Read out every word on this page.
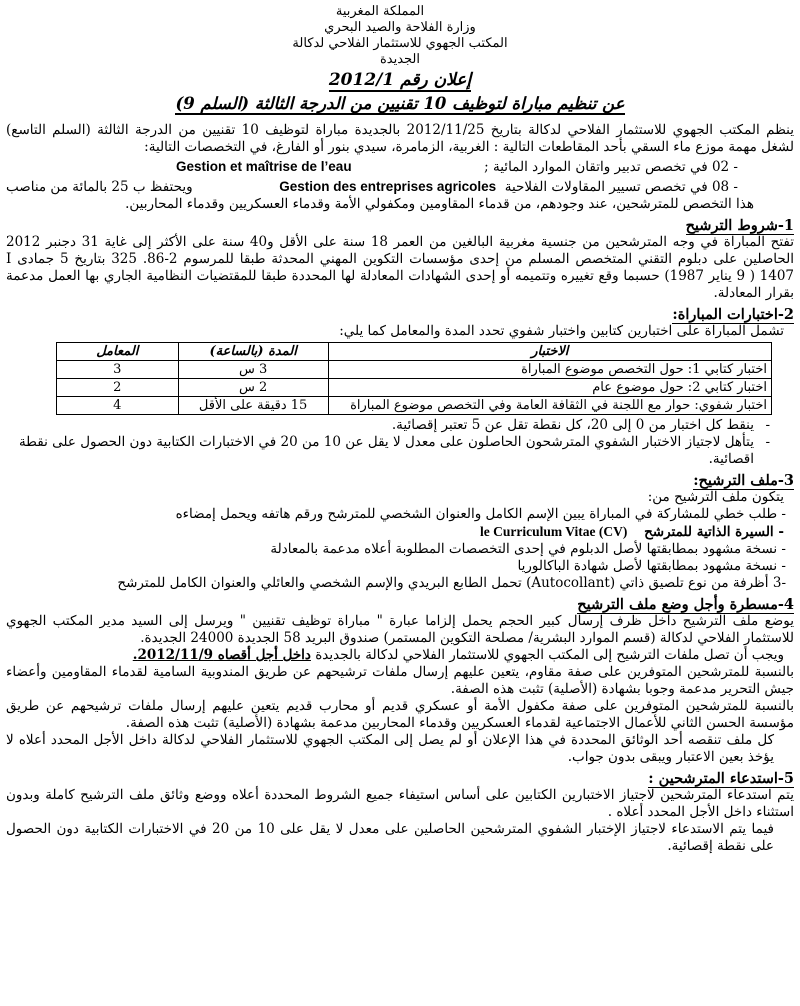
المملكة المغربية
وزارة الفلاحة والصيد البحري
المكتب الجهوي للاستثمار الفلاحي لدكالة
الجديدة
إعلان رقم 2012/1
عن تنظيم مباراة لتوظيف 10 تقنيين من الدرجة الثالثة (السلم 9)

ينظم المكتب الجهوي للاستثمار الفلاحي لدكالة بتاريخ 2012/11/25 بالجديدة مباراة لتوظيف 10 تقنيين من الدرجة الثالثة (السلم التاسع) لشغل مهمة موزع ماء السقي بأحد المقاطعات التالية : الغربية، الزمامرة، سيدي بنور أو الفارغ، في التخصصات التالية:

- 02 في تخصص تدبير واتقان الموارد المائية ;
Gestion et maîtrise de l’eau
- 08 في تخصص تسيير المقاولات الفلاحية  Gestion des entreprises agricoles
ويحتفظ ب 25 بالمائة من مناصب

هذا التخصص للمترشحين، عند وجودهم، من قدماء المقاومين ومكفولي الأمة وقدماء العسكريين وقدماء المحاربين.

1-شروط الترشيح

تفتح المباراة في وجه المترشحين من جنسية مغربية البالغين من العمر 18 سنة على الأقل و40 سنة على الأكثر إلى غاية 31 دجنبر 2012 الحاصلين على دبلوم التقني المتخصص المسلم من إحدى مؤسسات التكوين المهني المحدثة طبقا للمرسوم 2-86. 325 بتاريخ 5 جمادى I 1407 ( 9 يناير 1987) حسبما وقع تغييره وتتميمه أو إحدى الشهادات المعادلة لها المحددة طبقا للمقتضيات النظامية الجاري بها العمل مدعمة بقرار المعادلة.

2-اختبارات المباراة:

تشمل المباراة على اختبارين كتابين واختبار شفوي تحدد المدة والمعامل كما يلي:

الاختبار	المدة (بالساعة)	المعامل
اختبار كتابي 1: حول التخصص موضوع المباراة	3 س	3
اختبار كتابي 2: حول موضوع عام	2 س	2
اختبار شفوي: حوار مع اللجنة في الثقافة العامة وفي التخصص موضوع المباراة	15 دقيقة على الأقل	4

- ينقط كل اختبار من 0 إلى 20، كل نقطة تقل عن 5 تعتبر إقصائية.

- يتأهل لاجتياز الاختبار الشفوي المترشحون الحاصلون على معدل لا يقل عن 10 من 20 في الاختبارات الكتابية دون الحصول على نقطة اقصائية.

3-ملف الترشيح:

يتكون ملف الترشيح من:

- طلب خطي للمشاركة في المباراة يبين الإسم الكامل والعنوان الشخصي للمترشح ورقم هاتفه ويحمل إمضاءه

- السيرة الذاتية للمترشح le Curriculum Vitae (CV)

- نسخة مشهود بمطابقتها لأصل الدبلوم في إحدى التخصصات المطلوبة أعلاه مدعمة بالمعادلة

- نسخة مشهود بمطابقتها لأصل شهادة الباكالوريا

-3 أظرفة من نوع تلصيق ذاتي (Autocollant) تحمل الطابع البريدي والإسم الشخصي والعائلي والعنوان الكامل للمترشح

4-مسطرة وأجل وضع ملف الترشيح

يوضع ملف الترشيح داخل ظرف إرسال كبير الحجم يحمل إلزاما عبارة " مباراة توظيف تقنيين " ويرسل إلى السيد مدير المكتب الجهوي للاستثمار الفلاحي لدكالة (قسم الموارد البشرية/ مصلحة التكوين المستمر) صندوق البريد 58 الجديدة 24000 الجديدة.

ويجب أن تصل ملفات الترشيح إلى المكتب الجهوي للاستثمار الفلاحي لدكالة بالجديدة داخل أجل أقصاه 2012/11/9.

بالنسبة للمترشحين المتوفرين على صفة مقاوم، يتعين عليهم إرسال ملفات ترشيحهم عن طريق المندوبية السامية لقدماء المقاومين وأعضاء جيش التحرير مدعمة وجوبا بشهادة (الأصلية) تثبت هذه الصفة.

بالنسبة للمترشحين المتوفرين على صفة مكفول الأمة أو عسكري قديم أو محارب قديم يتعين عليهم إرسال ملفات ترشيحهم عن طريق مؤسسة الحسن الثاني للأعمال الاجتماعية لقدماء العسكريين وقدماء المحاربين مدعمة بشهادة (الأصلية) تثبت هذه الصفة.

كل ملف تنقصه أحد الوثائق المحددة في هذا الإعلان أو لم يصل إلى المكتب الجهوي للاستثمار الفلاحي لدكالة داخل الأجل المحدد أعلاه لا يؤخذ بعين الاعتبار ويبقى بدون جواب.

5-استدعاء المترشحين :

يتم استدعاء المترشحين لاجتياز الاختبارين الكتابين على أساس استيفاء جميع الشروط المحددة أعلاه ووضع وثائق ملف الترشيح كاملة وبدون استثناء داخل الأجل المحدد أعلاه .

فيما يتم الاستدعاء لاجتياز الإختبار الشفوي المترشحين الحاصلين على معدل لا يقل على 10 من 20 في الاختبارات الكتابية دون الحصول على نقطة إقصائية.
